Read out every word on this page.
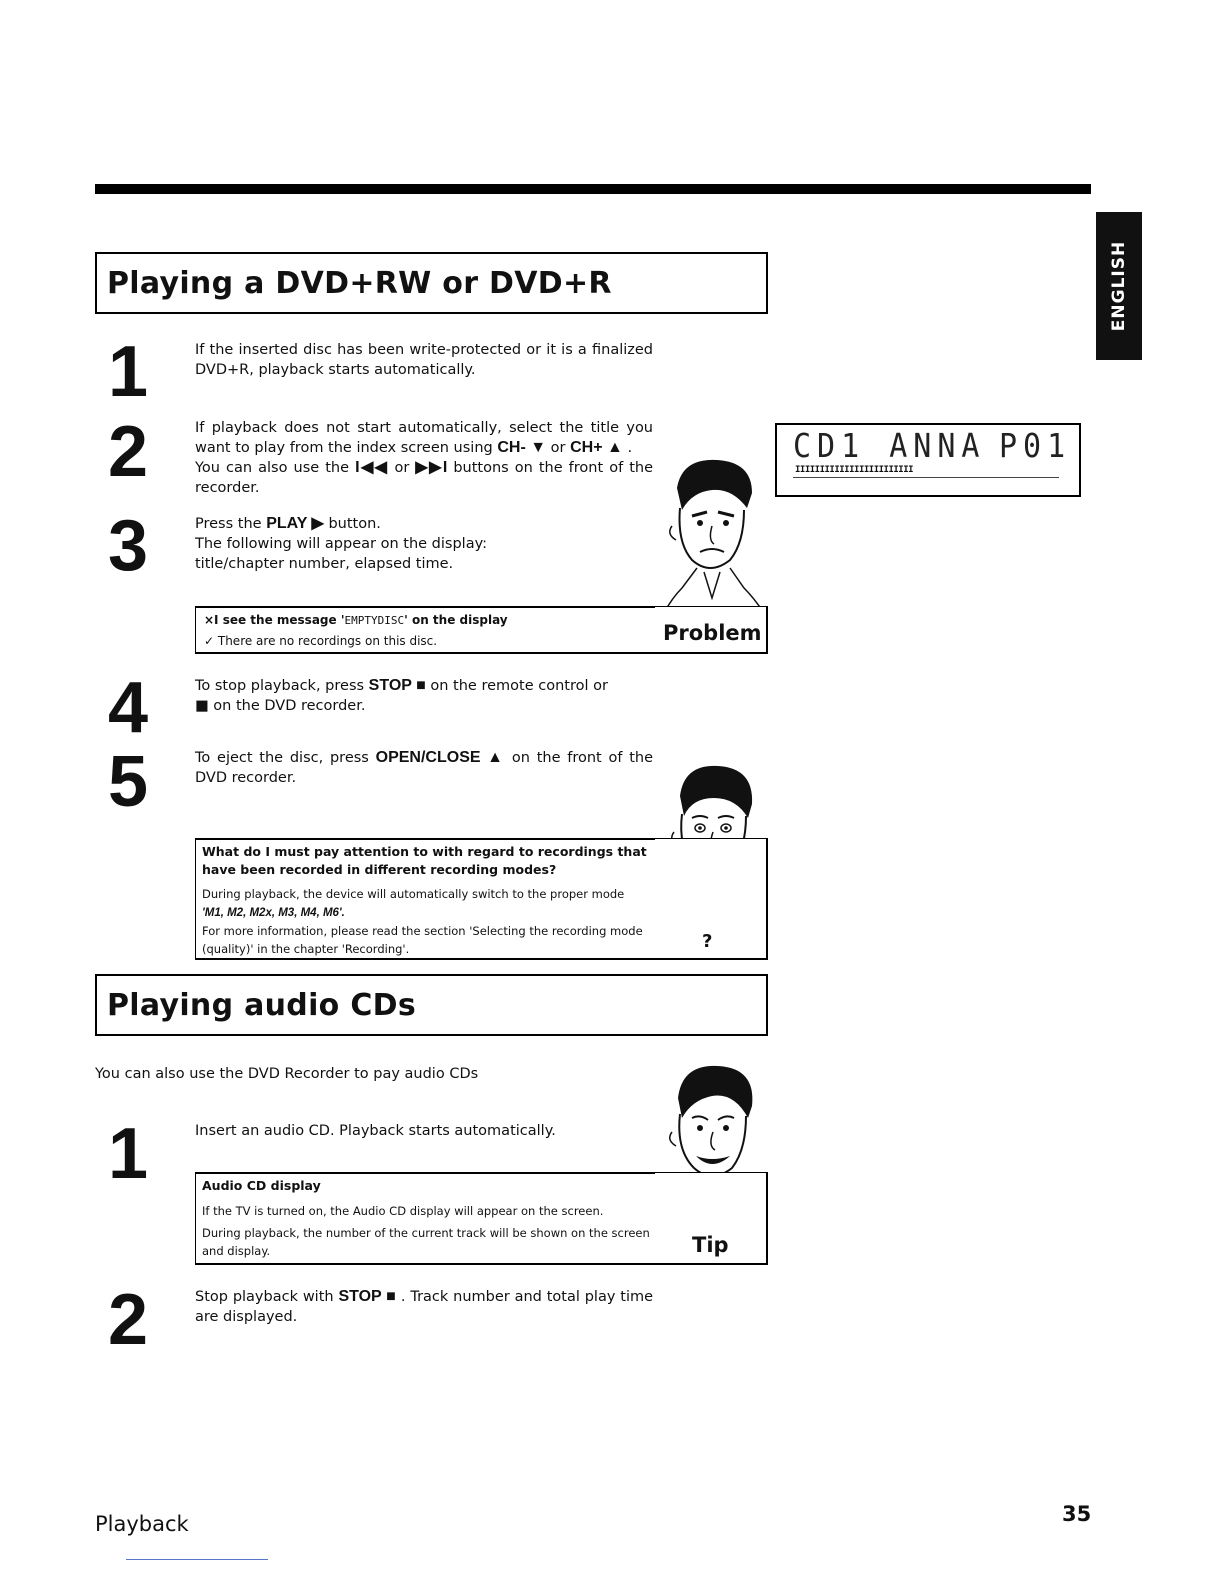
ENGLISH
Playing a DVD+RW or DVD+R
1	If the inserted disc has been write-protected or it is a finalized DVD+R, playback starts automatically.
2	If playback does not start automatically, select the title you want to play from the index screen using CH- ▼ or CH+ ▲ .
You can also use the I◀◀ or ▶▶I buttons on the front of the recorder.
3	Press the PLAY ▶ button.
The following will appear on the display:
title/chapter number, elapsed time.
×I see the message 'EMPTYDISC' on the display
✓ There are no recordings on this disc.	Problem
4	To stop playback, press STOP ■ on the remote control or
■ on the DVD recorder.
5	To eject the disc, press OPEN/CLOSE ▲ on the front of the DVD recorder.
What do I must pay attention to with regard to recordings that have been recorded in different recording modes?
During playback, the device will automatically switch to the proper mode
'M1, M2, M2x, M3, M4, M6'.
For more information, please read the section 'Selecting the recording mode (quality)' in the chapter 'Recording'.	?
CD1 ANNA P01
IIIIIIIIIIIIIIIIIIIIIIII
Playing audio CDs
You can also use the DVD Recorder to pay audio CDs
1	Insert an audio CD. Playback starts automatically.
Audio CD display
If the TV is turned on, the Audio CD display will appear on the screen.
During playback, the number of the current track will be shown on the screen and display.	Tip
2	Stop playback with STOP ■ . Track number and total play time are displayed.
Playback	35
